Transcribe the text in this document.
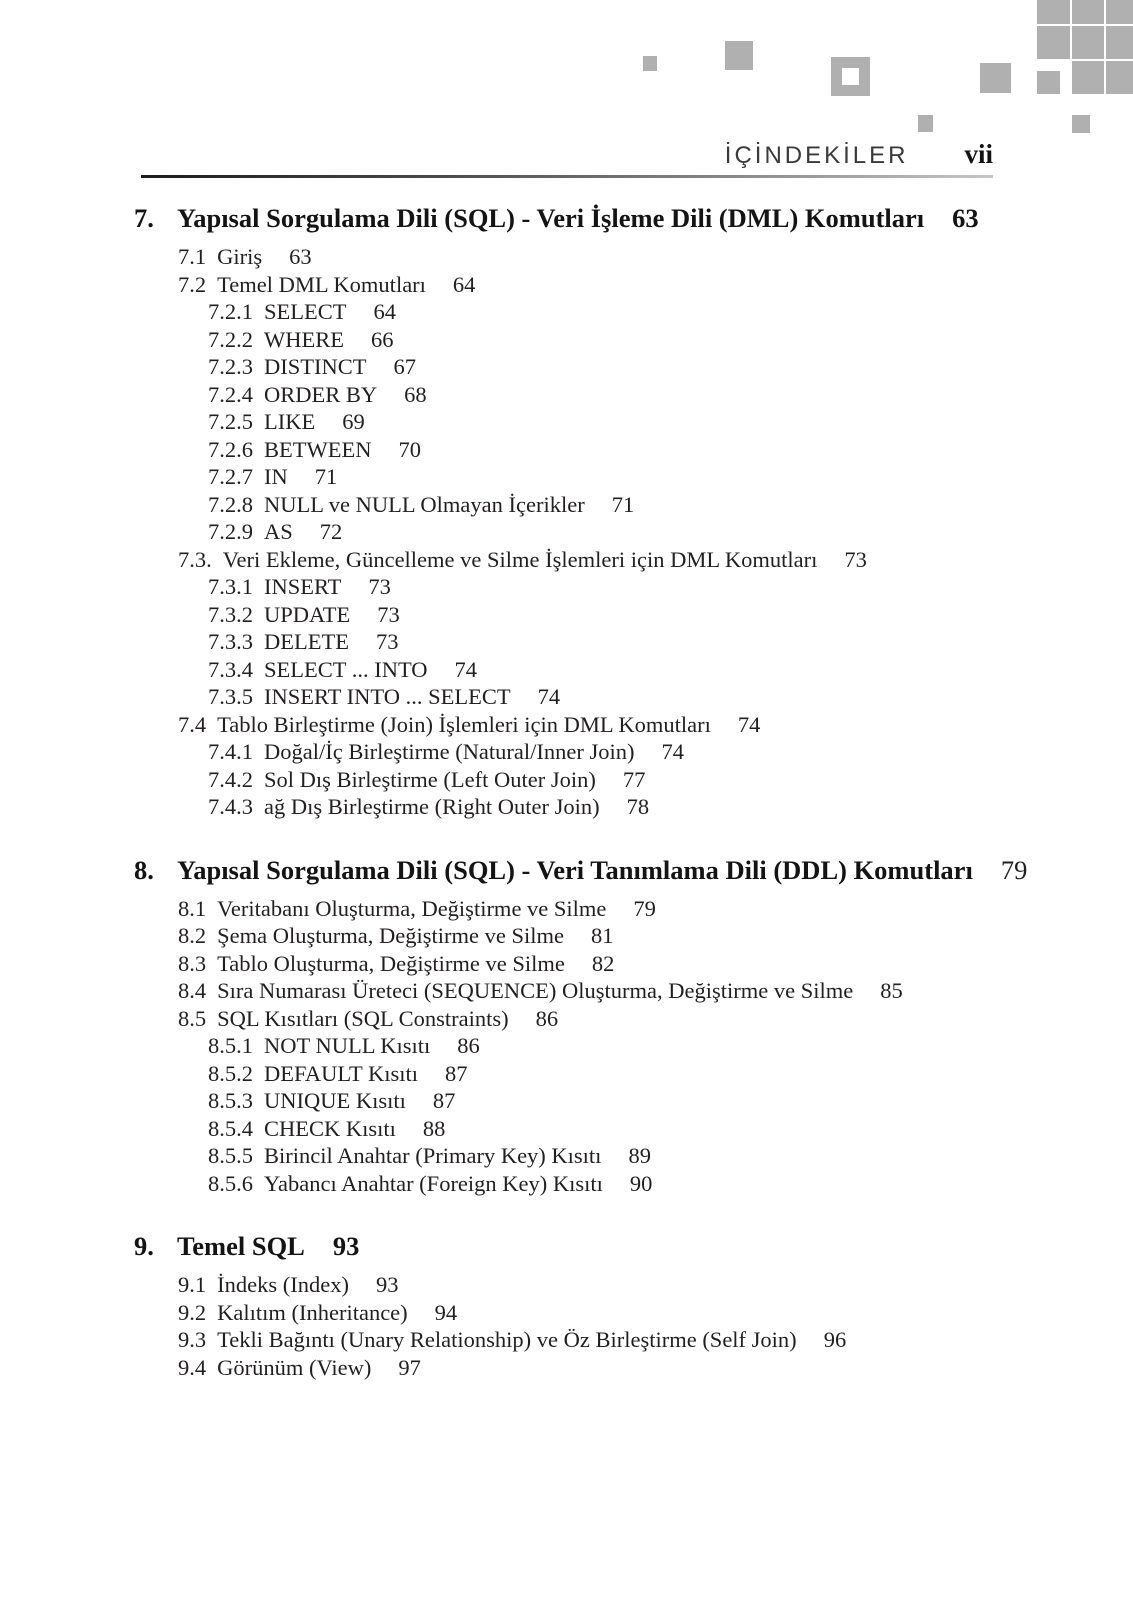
İÇİNDEKİLER vii
7. Yapısal Sorgulama Dili (SQL) - Veri İşleme Dili (DML) Komutları 63
7.1 Giriş 63
7.2 Temel DML Komutları 64
7.2.1 SELECT 64
7.2.2 WHERE 66
7.2.3 DISTINCT 67
7.2.4 ORDER BY 68
7.2.5 LIKE 69
7.2.6 BETWEEN 70
7.2.7 IN 71
7.2.8 NULL ve NULL Olmayan İçerikler 71
7.2.9 AS 72
7.3. Veri Ekleme, Güncelleme ve Silme İşlemleri için DML Komutları 73
7.3.1 INSERT 73
7.3.2 UPDATE 73
7.3.3 DELETE 73
7.3.4 SELECT ... INTO 74
7.3.5 INSERT INTO ... SELECT 74
7.4 Tablo Birleştirme (Join) İşlemleri için DML Komutları 74
7.4.1 Doğal/İç Birleştirme (Natural/Inner Join) 74
7.4.2 Sol Dış Birleştirme (Left Outer Join) 77
7.4.3 ağ Dış Birleştirme (Right Outer Join) 78
8. Yapısal Sorgulama Dili (SQL) - Veri Tanımlama Dili (DDL) Komutları 79
8.1 Veritabanı Oluşturma, Değiştirme ve Silme 79
8.2 Şema Oluşturma, Değiştirme ve Silme 81
8.3 Tablo Oluşturma, Değiştirme ve Silme 82
8.4 Sıra Numarası Üreteci (SEQUENCE) Oluşturma, Değiştirme ve Silme 85
8.5 SQL Kısıtları (SQL Constraints) 86
8.5.1 NOT NULL Kısıtı 86
8.5.2 DEFAULT Kısıtı 87
8.5.3 UNIQUE Kısıtı 87
8.5.4 CHECK Kısıtı 88
8.5.5 Birincil Anahtar (Primary Key) Kısıtı 89
8.5.6 Yabancı Anahtar (Foreign Key) Kısıtı 90
9. Temel SQL 93
9.1 İndeks (Index) 93
9.2 Kalıtım (Inheritance) 94
9.3 Tekli Bağıntı (Unary Relationship) ve Öz Birleştirme (Self Join) 96
9.4 Görünüm (View) 97
